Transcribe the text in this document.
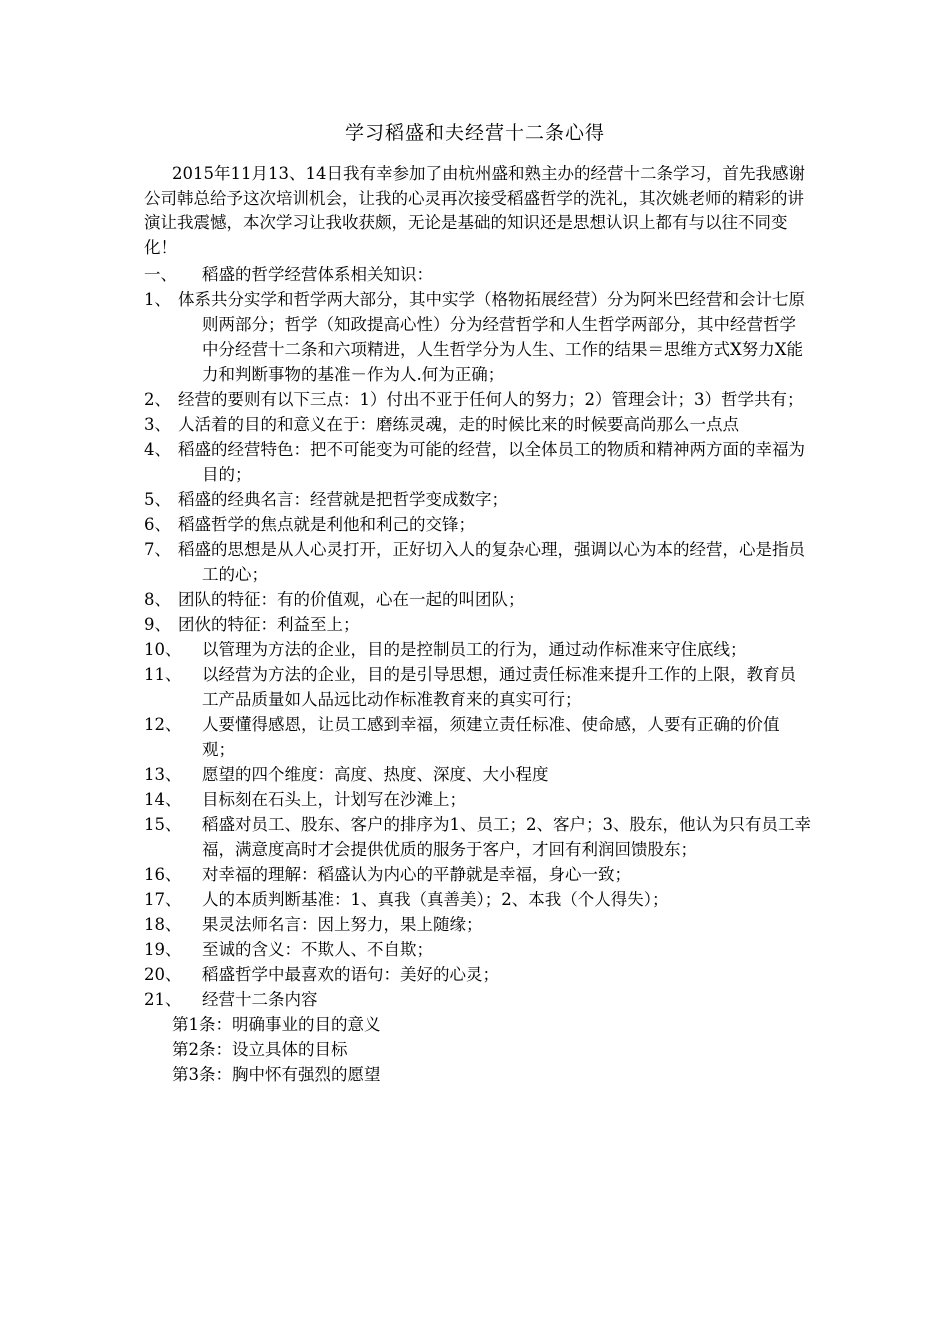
学习稻盛和夫经营十二条心得
2015年11月13、14日我有幸参加了由杭州盛和熟主办的经营十二条学习，首先我感谢公司韩总给予这次培训机会，让我的心灵再次接受稻盛哲学的洗礼，其次姚老师的精彩的讲演让我震憾，本次学习让我收获颇，无论是基础的知识还是思想认识上都有与以往不同变化！
一、 稻盛的哲学经营体系相关知识：
1、 体系共分实学和哲学两大部分，其中实学（格物拓展经营）分为阿米巴经营和会计七原则两部分；哲学（知政提高心性）分为经营哲学和人生哲学两部分，其中经营哲学中分经营十二条和六项精进，人生哲学分为人生、工作的结果＝思维方式X努力X能力和判断事物的基准－作为人.何为正确；
2、 经营的要则有以下三点：1）付出不亚于任何人的努力；2）管理会计；3）哲学共有；
3、 人活着的目的和意义在于：磨练灵魂，走的时候比来的时候要高尚那么一点点
4、 稻盛的经营特色：把不可能变为可能的经营，以全体员工的物质和精神两方面的幸福为目的；
5、 稻盛的经典名言：经营就是把哲学变成数字；
6、 稻盛哲学的焦点就是利他和利己的交锋；
7、 稻盛的思想是从人心灵打开，正好切入人的复杂心理，强调以心为本的经营，心是指员工的心；
8、 团队的特征：有的价值观，心在一起的叫团队；
9、 团伙的特征：利益至上；
10、	以管理为方法的企业，目的是控制员工的行为，通过动作标准来守住底线；
11、	以经营为方法的企业，目的是引导思想，通过责任标准来提升工作的上限，教育员工产品质量如人品远比动作标准教育来的真实可行；
12、	人要懂得感恩，让员工感到幸福，须建立责任标准、使命感，人要有正确的价值观；
13、	愿望的四个维度：高度、热度、深度、大小程度
14、	目标刻在石头上，计划写在沙滩上；
15、	稻盛对员工、股东、客户的排序为1、员工；2、客户；3、股东，他认为只有员工幸福，满意度高时才会提供优质的服务于客户，才回有利润回馈股东；
16、	对幸福的理解：稻盛认为内心的平静就是幸福，身心一致；
17、	人的本质判断基准：1、真我（真善美）；2、本我（个人得失）；
18、	果灵法师名言：因上努力，果上随缘；
19、	至诚的含义：不欺人、不自欺；
20、	稻盛哲学中最喜欢的语句：美好的心灵；
21、	经营十二条内容
第1条：明确事业的目的意义
第2条：设立具体的目标
第3条：胸中怀有强烈的愿望
